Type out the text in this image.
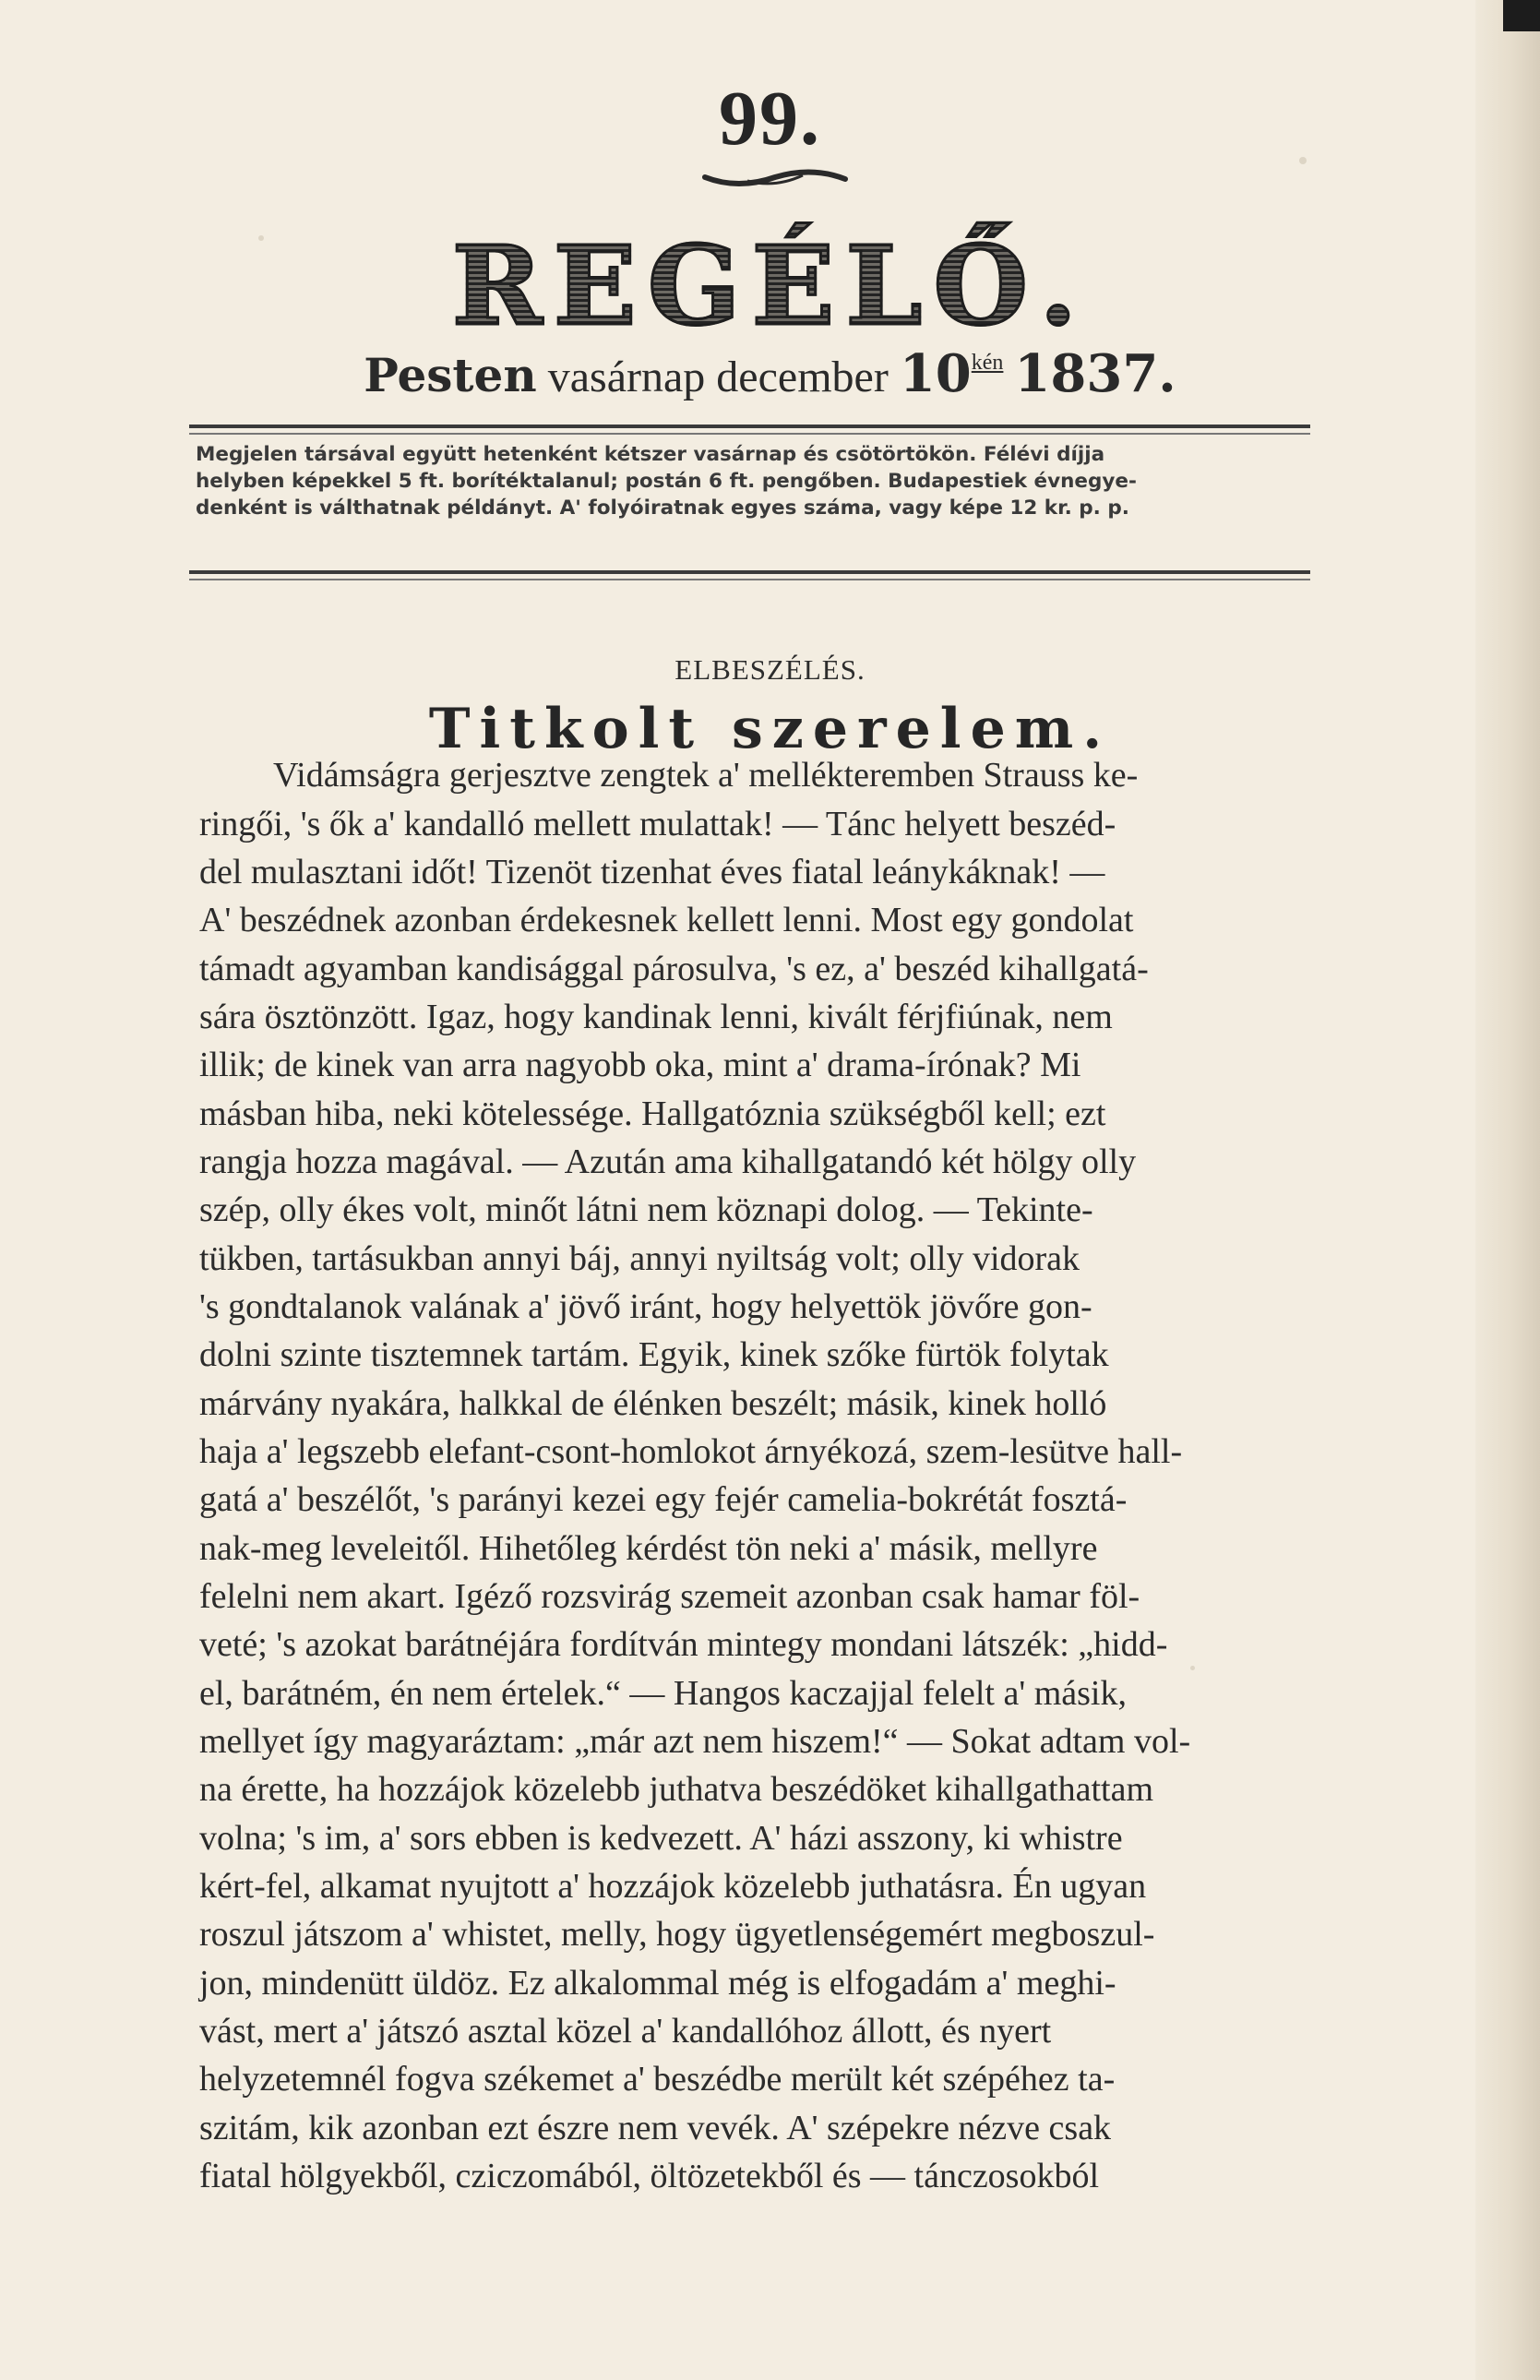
99.
REGÉLŐ.
Pesten vasárnap december $10^{kén}$ 1837.
Megjelen társával együtt hetenként kétszer vasárnap és csötörtökön. Félévi díjja
helyben képekkel 5 ft. borítéktalanul; postán 6 ft. pengőben. Budapestiek évnegye-
denként is válthatnak példányt. A' folyóiratnak egyes száma, vagy képe 12 kr. p. p.
ELBESZÉLÉS.
Titkolt szerelem.
Vidámságra gerjesztve zengtek a' mellékteremben Strauss ke-
ringői, 's ők a' kandalló mellett mulattak! — Tánc helyett beszéd-
del mulasztani időt! Tizenöt tizenhat éves fiatal leánykáknak! —
A' beszédnek azonban érdekesnek kellett lenni. Most egy gondolat
támadt agyamban kandisággal párosulva, 's ez, a' beszéd kihallgatá-
sára ösztönzött. Igaz, hogy kandinak lenni, kivált férjfiúnak, nem
illik; de kinek van arra nagyobb oka, mint a' drama-írónak? Mi
másban hiba, neki kötelessége. Hallgatóznia szükségből kell; ezt
rangja hozza magával. — Azután ama kihallgatandó két hölgy olly
szép, olly ékes volt, minőt látni nem köznapi dolog. — Tekinte-
tükben, tartásukban annyi báj, annyi nyiltság volt; olly vidorak
's gondtalanok valának a' jövő iránt, hogy helyettök jövőre gon-
dolni szinte tisztemnek tartám. Egyik, kinek szőke fürtök folytak
márvány nyakára, halkkal de élénken beszélt; másik, kinek holló
haja a' legszebb elefant-csont-homlokot árnyékozá, szem-lesütve hall-
gatá a' beszélőt, 's parányi kezei egy fejér camelia-bokrétát fosztá-
nak-meg leveleitől. Hihetőleg kérdést tön neki a' másik, mellyre
felelni nem akart. Igéző rozsvirág szemeit azonban csak hamar föl-
veté; 's azokat barátnéjára fordítván mintegy mondani látszék: „hidd-
el, barátném, én nem értelek.“ — Hangos kaczajjal felelt a' másik,
mellyet így magyaráztam: „már azt nem hiszem!“ — Sokat adtam vol-
na érette, ha hozzájok közelebb juthatva beszédöket kihallgathattam
volna; 's im, a' sors ebben is kedvezett. A' házi asszony, ki whistre
kért-fel, alkamat nyujtott a' hozzájok közelebb juthatásra. Én ugyan
roszul játszom a' whistet, melly, hogy ügyetlenségemért megboszul-
jon, mindenütt üldöz. Ez alkalommal még is elfogadám a' meghi-
vást, mert a' játszó asztal közel a' kandallóhoz állott, és nyert
helyzetemnél fogva székemet a' beszédbe merült két szépéhez ta-
szitám, kik azonban ezt észre nem vevék. A' szépekre nézve csak
fiatal hölgyekből, cziczomából, öltözetekből és — tánczosokból
